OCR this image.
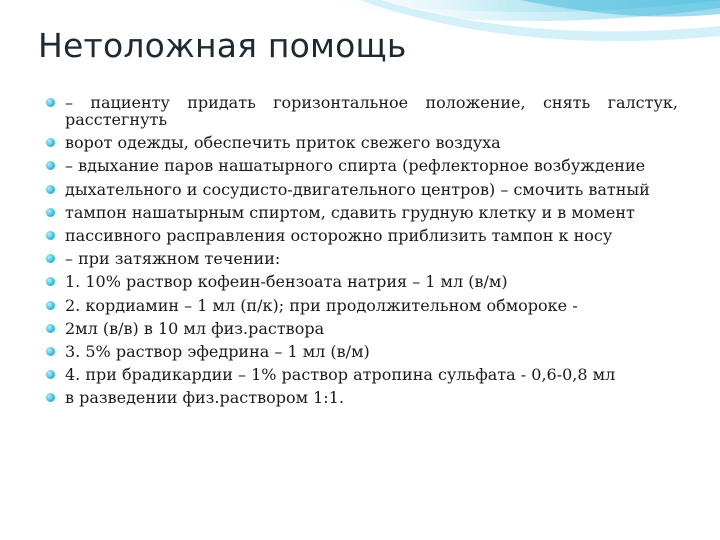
Нетоложная помощь
– пациенту придать горизонтальное положение, снять галстук, расстегнуть
ворот одежды, обеспечить приток свежего воздуха
– вдыхание паров нашатырного спирта (рефлекторное возбуждение
дыхательного и сосудисто-двигательного центров) – смочить ватный
тампон нашатырным спиртом, сдавить грудную клетку и в момент
пассивного расправления осторожно приблизить тампон к носу
– при затяжном течении:
1. 10% раствор кофеин-бензоата натрия – 1 мл (в/м)
2. кордиамин – 1 мл (п/к); при продолжительном обмороке -
2мл (в/в) в 10 мл физ.раствора
3. 5% раствор эфедрина – 1 мл (в/м)
4. при брадикардии – 1% раствор атропина сульфата - 0,6-0,8 мл
в разведении физ.раствором 1:1.
